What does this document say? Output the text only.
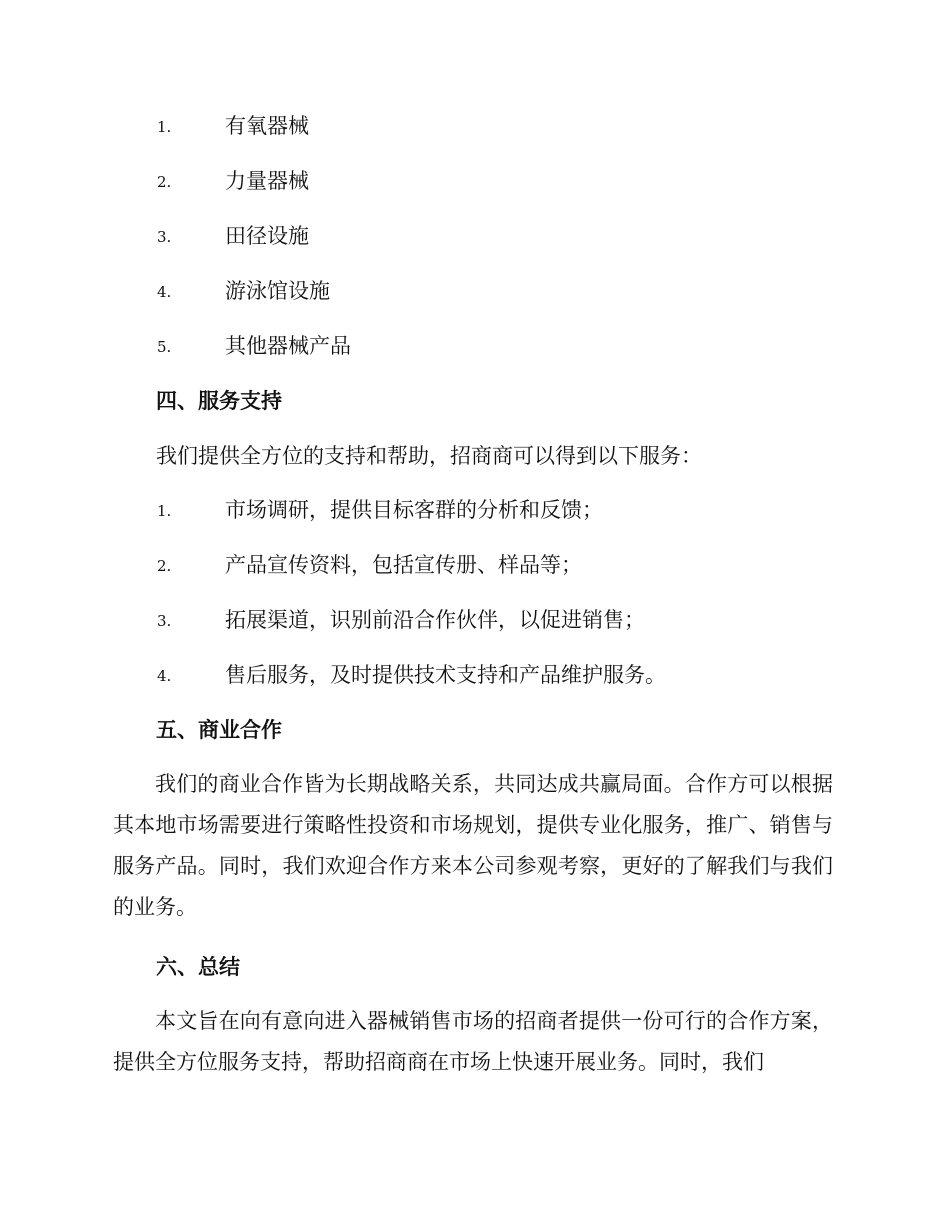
1.	有氧器械
2.	力量器械
3.	田径设施
4.	游泳馆设施
5.	其他器械产品
四、服务支持
我们提供全方位的支持和帮助，招商商可以得到以下服务：
1.	市场调研，提供目标客群的分析和反馈；
2.	产品宣传资料，包括宣传册、样品等；
3.	拓展渠道，识别前沿合作伙伴，以促进销售；
4.	售后服务，及时提供技术支持和产品维护服务。
五、商业合作
我们的商业合作皆为长期战略关系，共同达成共赢局面。合作方可以根据其本地市场需要进行策略性投资和市场规划，提供专业化服务，推广、销售与服务产品。同时，我们欢迎合作方来本公司参观考察，更好的了解我们与我们的业务。
六、总结
本文旨在向有意向进入器械销售市场的招商者提供一份可行的合作方案，提供全方位服务支持，帮助招商商在市场上快速开展业务。同时，我们
